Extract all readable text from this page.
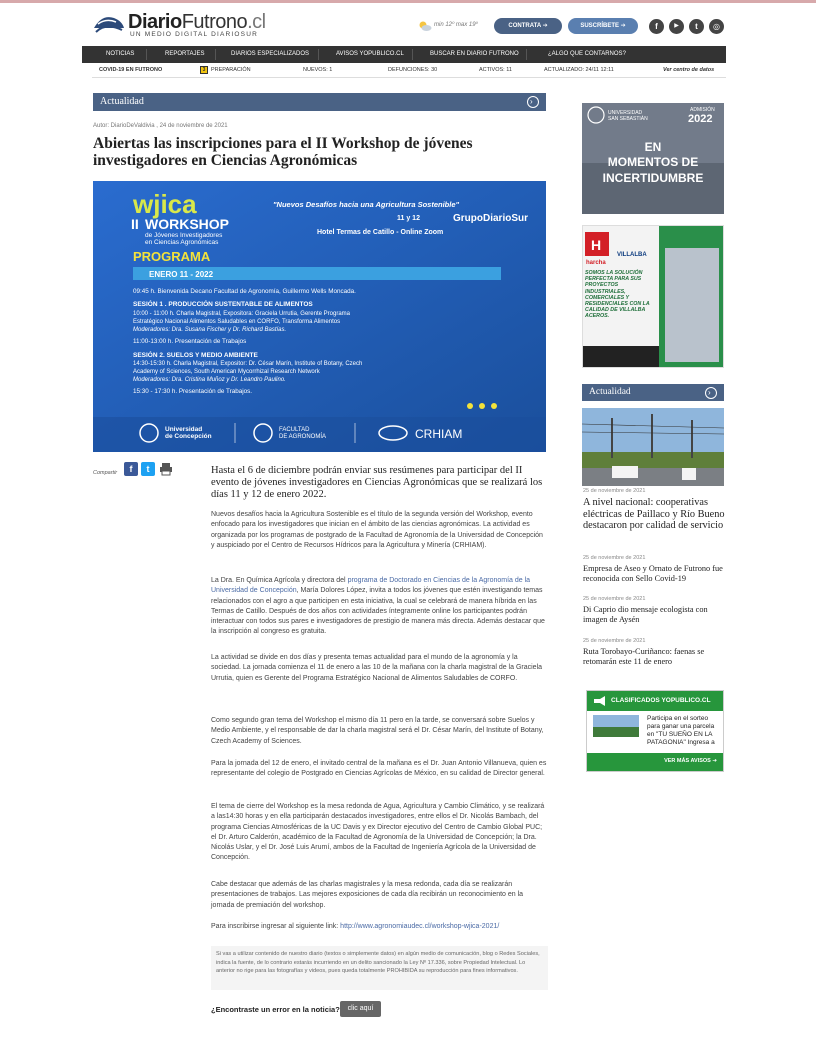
DiarioFutrono.cl
UN MEDIO DIGITAL DIARIOSUR
min 12º max 19º	CONTRATA ➔	SUSCRÍBETE ➔	f	▶	t	◎
NOTICIAS	REPORTAJES	DIARIOS ESPECIALIZADOS	AVISOS YOPUBLICO.CL	BUSCAR EN DIARIO FUTRONO	¿ALGO QUE CONTARNOS?
COVID-19 EN FUTRONO	3	PREPARACIÓN	NUEVOS: 1	DEFUNCIONES: 30	ACTIVOS: 11	ACTUALIZADO: 24/11 12:11	Ver centro de datos
Actualidad	›
Autor: DiarioDeValdivia , 24 de noviembre de 2021
Abiertas las inscripciones para el II Workshop de jóvenes investigadores en Ciencias Agronómicas
wjica
II WORKSHOP
de Jóvenes Investigadores
en Ciencias Agronómicas
"Nuevos Desafíos hacia una Agricultura Sostenible"
11 y 12	GrupoDiarioSur
Hotel Termas de Catillo - Online Zoom
PROGRAMA
ENERO 11 - 2022
09:45 h. Bienvenida Decano Facultad de Agronomía, Guillermo Wells Moncada.
SESIÓN 1 . PRODUCCIÓN SUSTENTABLE DE ALIMENTOS
10:00 - 11:00 h. Charla Magistral, Expositora: Graciela Urrutia, Gerente Programa
Estratégico Nacional Alimentos Saludables en CORFO, Transforma Alimentos
Moderadores: Dra. Susana Fischer y Dr. Richard Bastías.
11:00-13:00 h. Presentación de Trabajos
SESIÓN 2. SUELOS Y MEDIO AMBIENTE
14:30-15:30 h. Charla Magistral, Expositor: Dr. César Marín, Institute of Botany, Czech
Academy of Sciences, South American Mycorrhizal Research Network
Moderadores: Dra. Cristina Muñoz y Dr. Leandro Paulino.
15:30 - 17:30 h. Presentación de Trabajos.
Universidad
de Concepción
FACULTAD
DE AGRONOMÍA	CRHIAM
Compartir	f	t	Hasta el 6 de diciembre podrán enviar sus resúmenes para participar del II evento de jóvenes investigadores en Ciencias Agronómicas que se realizará los días 11 y 12 de enero 2022.

Nuevos desafíos hacia la Agricultura Sostenible es el título de la segunda versión del Workshop, evento enfocado para los investigadores que inician en el ámbito de las ciencias agronómicas. La actividad es organizada por los programas de postgrado de la Facultad de Agronomía de la Universidad de Concepción y auspiciado por el Centro de Recursos Hídricos para la Agricultura y Minería (CRHIAM).

La Dra. En Química Agrícola y directora del programa de Doctorado en Ciencias de la Agronomía de la Universidad de Concepción, María Dolores López, invita a todos los jóvenes que estén investigando temas relacionados con el agro a que participen en esta iniciativa, la cual se celebrará de manera híbrida en las Termas de Catillo. Después de dos años con actividades íntegramente online los participantes podrán interactuar con todos sus pares e investigadores de prestigio de manera más directa. Además destacar que la inscripción al congreso es gratuita.

La actividad se divide en dos días y presenta temas actualidad para el mundo de la agronomía y la sociedad. La jornada comienza el 11 de enero a las 10 de la mañana con la charla magistral de la Graciela Urrutia, quien es Gerente del Programa Estratégico Nacional de Alimentos Saludables de CORFO.

Como segundo gran tema del Workshop el mismo día 11 pero en la tarde, se conversará sobre Suelos y Medio Ambiente, y el responsable de dar la charla magistral será el Dr. César Marín, del Institute of Botany, Czech Academy of Sciences.

Para la jornada del 12 de enero, el invitado central de la mañana es el Dr. Juan Antonio Villanueva, quien es representante del colegio de Postgrado en Ciencias Agrícolas de México, en su calidad de Director general.

El tema de cierre del Workshop es la mesa redonda de Agua, Agricultura y Cambio Climático, y se realizará a las14:30 horas y en ella participarán destacados investigadores, entre ellos el Dr. Nicolás Bambach, del programa Ciencias Atmosféricas de la UC Davis y ex Director ejecutivo del Centro de Cambio Global PUC; el Dr. Arturo Calderón, académico de la Facultad de Agronomía de la Universidad de Concepción; la Dra. Nicolás Uslar, y el Dr. José Luis Arumí, ambos de la Facultad de Ingeniería Agrícola de la Universidad de Concepción.

Cabe destacar que además de las charlas magistrales y la mesa redonda, cada día se realizarán presentaciones de trabajos. Las mejores exposiciones de cada día recibirán un reconocimiento en la jornada de premiación del workshop.

Para inscribirse ingresar al siguiente link: http://www.agronomiaudec.cl/workshop-wjica-2021/

Si vas a utilizar contenido de nuestro diario (textos o simplemente datos) en algún medio de comunicación, blog o Redes Sociales, indica la fuente, de lo contrario estarás incurriendo en un delito sancionado la Ley Nº 17.336, sobre Propiedad Intelectual. Lo anterior no rige para las fotografías y videos, pues queda totalmente PROHIBIDA su reproducción para fines informativos.
¿Encontraste un error en la noticia?	clic aquí
UNIVERSIDAD
SAN SEBASTIÁN
ADMISIÓN
2022
EN
MOMENTOS DE
INCERTIDUMBRE
H
harcha
VILLALBA
SOMOS LA SOLUCIÓN PERFECTA PARA SUS PROYECTOS INDUSTRIALES, COMERCIALES Y RESIDENCIALES CON LA CALIDAD DE VILLALBA ACEROS.
Actualidad	›
25 de noviembre de 2021
A nivel nacional: cooperativas eléctricas de Paillaco y Río Bueno destacaron por calidad de servicio
25 de noviembre de 2021
Empresa de Aseo y Ornato de Futrono fue reconocida con Sello Covid-19
25 de noviembre de 2021
Di Caprio dio mensaje ecologista con imagen de Aysén
25 de noviembre de 2021
Ruta Torobayo-Curiñanco: faenas se retomarán este 11 de enero
CLASIFICADOS YOPUBLICO.CL
Participa en el sorteo para ganar una parcela en "TU SUEÑO EN LA PATAGONIA" Ingresa a
VER MÁS AVISOS ➔
